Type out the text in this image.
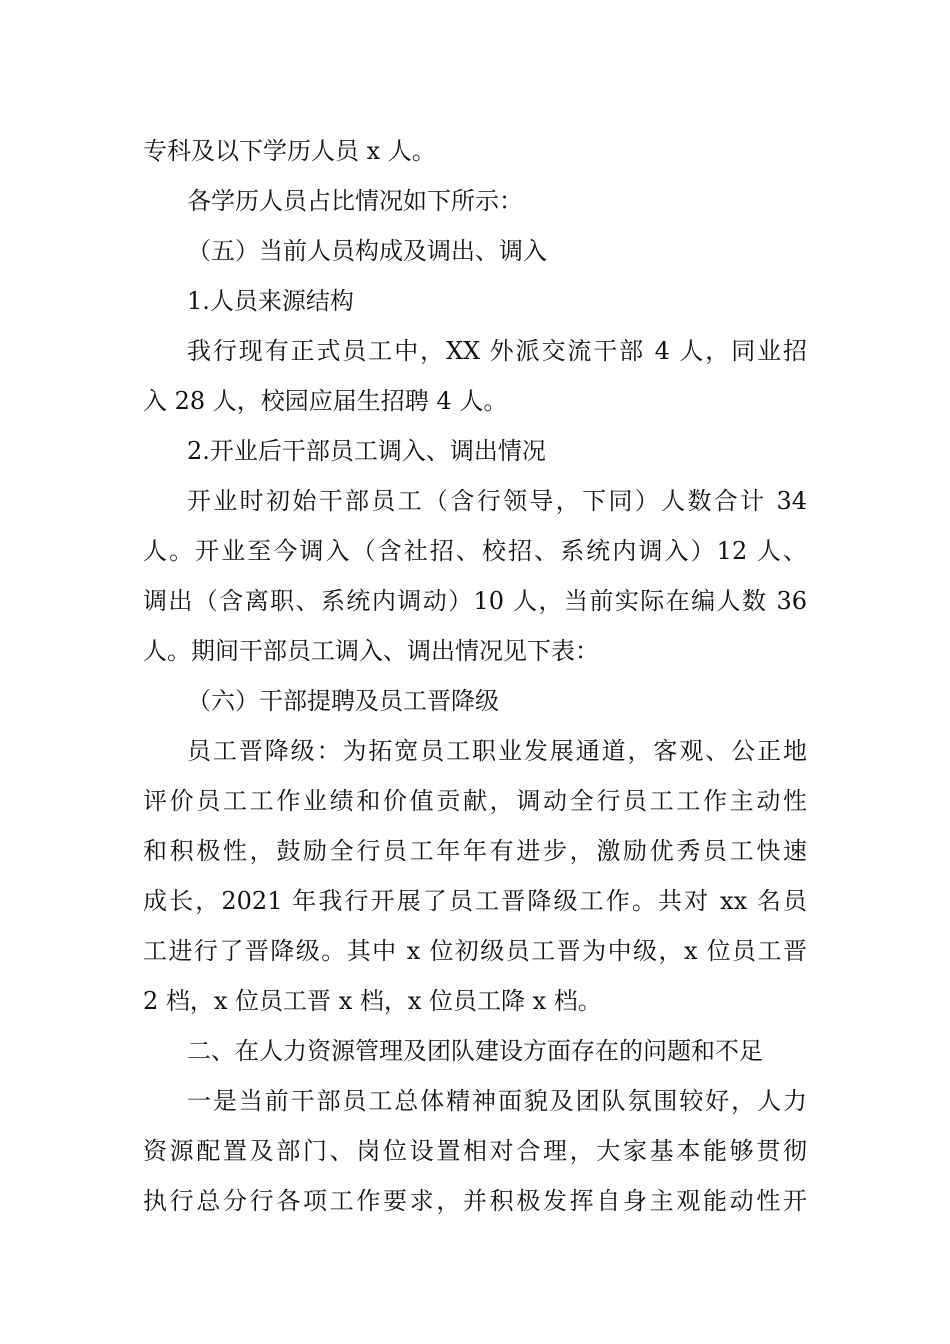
专科及以下学历人员 x 人。

各学历人员占比情况如下所示：

（五）当前人员构成及调出、调入

1.人员来源结构

我行现有正式员工中，XX 外派交流干部 4 人，同业招
入 28 人，校园应届生招聘 4 人。

2.开业后干部员工调入、调出情况

开业时初始干部员工（含行领导，下同）人数合计 34
人。开业至今调入（含社招、校招、系统内调入）12 人、
调出（含离职、系统内调动）10 人，当前实际在编人数 36
人。期间干部员工调入、调出情况见下表：

（六）干部提聘及员工晋降级

员工晋降级：为拓宽员工职业发展通道，客观、公正地
评价员工工作业绩和价值贡献，调动全行员工工作主动性
和积极性，鼓励全行员工年年有进步，激励优秀员工快速
成长，2021 年我行开展了员工晋降级工作。共对 xx 名员
工进行了晋降级。其中 x 位初级员工晋为中级，x 位员工晋
2 档，x 位员工晋 x 档，x 位员工降 x 档。

二、在人力资源管理及团队建设方面存在的问题和不足

一是当前干部员工总体精神面貌及团队氛围较好，人力
资源配置及部门、岗位设置相对合理，大家基本能够贯彻
执行总分行各项工作要求，并积极发挥自身主观能动性开
